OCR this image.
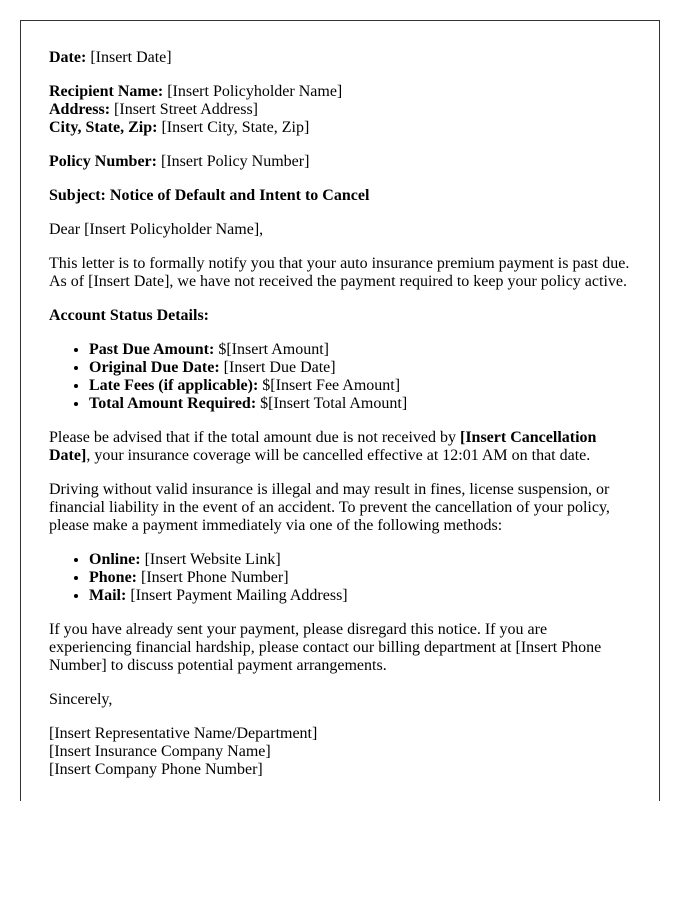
Date: [Insert Date]

Recipient Name: [Insert Policyholder Name]
Address: [Insert Street Address]
City, State, Zip: [Insert City, State, Zip]

Policy Number: [Insert Policy Number]

Subject: Notice of Default and Intent to Cancel

Dear [Insert Policyholder Name],

This letter is to formally notify you that your auto insurance premium payment is past due. As of [Insert Date], we have not received the payment required to keep your policy active.

Account Status Details:

• Past Due Amount: $[Insert Amount]
• Original Due Date: [Insert Due Date]
• Late Fees (if applicable): $[Insert Fee Amount]
• Total Amount Required: $[Insert Total Amount]

Please be advised that if the total amount due is not received by [Insert Cancellation Date], your insurance coverage will be cancelled effective at 12:01 AM on that date.

Driving without valid insurance is illegal and may result in fines, license suspension, or financial liability in the event of an accident. To prevent the cancellation of your policy, please make a payment immediately via one of the following methods:

• Online: [Insert Website Link]
• Phone: [Insert Phone Number]
• Mail: [Insert Payment Mailing Address]

If you have already sent your payment, please disregard this notice. If you are experiencing financial hardship, please contact our billing department at [Insert Phone Number] to discuss potential payment arrangements.

Sincerely,

[Insert Representative Name/Department]
[Insert Insurance Company Name]
[Insert Company Phone Number]
